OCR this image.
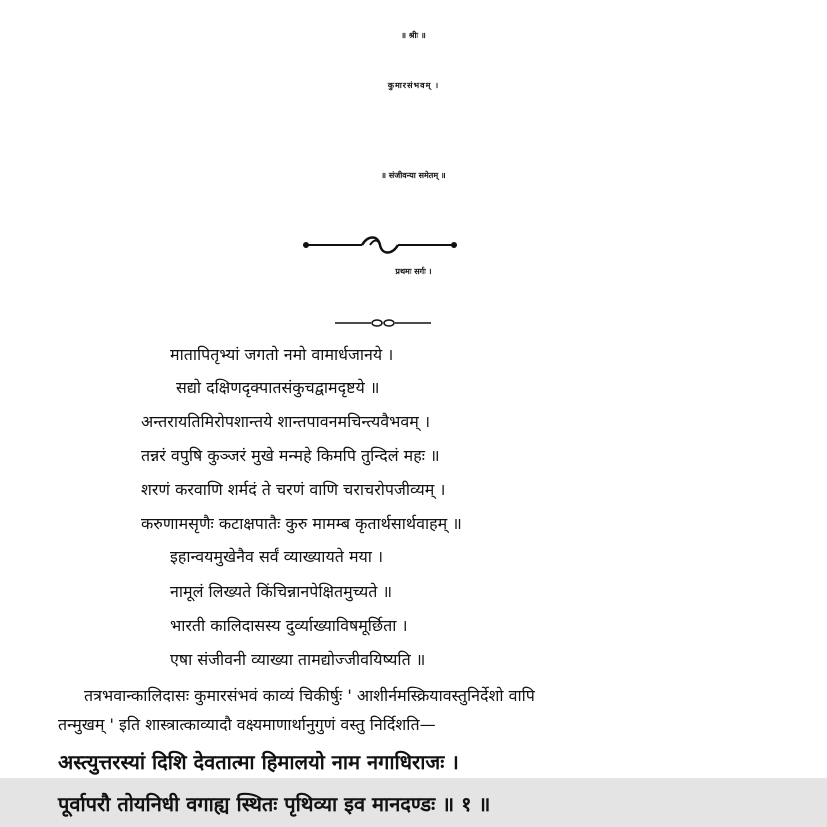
॥ श्रीः ॥
कुमारसंभवम् ।
॥ संजीवन्या समेतम् ॥
प्रथमः सर्गः ।
मातापितृभ्यां जगतो नमो वामार्धजानये ।
सद्यो दक्षिणदृक्पातसंकुचद्वामदृष्टये ॥
अन्तरायतिमिरोपशान्तये शान्तपावनमचिन्त्यवैभवम् ।
तन्नरं वपुषि कुञ्जरं मुखे मन्महे किमपि तुन्दिलं महः ॥
शरणं करवाणि शर्मदं ते चरणं वाणि चराचरोपजीव्यम् ।
करुणामसृणैः कटाक्षपातैः कुरु मामम्ब कृतार्थसार्थवाहम् ॥
इहान्वयमुखेनैव सर्वं व्याख्यायते मया ।
नामूलं लिख्यते किंचिन्नानपेक्षितमुच्यते ॥
भारती कालिदासस्य दुर्व्याख्याविषमूर्छिता ।
एषा संजीवनी व्याख्या तामद्योज्जीवयिष्यति ॥
तत्रभवान्कालिदासः कुमारसंभवं काव्यं चिकीर्षुः ' आशीर्नमस्क्रियावस्तुनिर्देशो वापि
तन्मुखम् ' इति शास्त्रात्काव्यादौ वक्ष्यमाणार्थानुगुणं वस्तु निर्दिशति—
अस्त्युत्तरस्यां दिशि देवतात्मा हिमालयो नाम नगाधिराजः ।
पूर्वापरौ तोयनिधी वगाह्य स्थितः पृथिव्या इव मानदण्डः ॥ १ ॥
